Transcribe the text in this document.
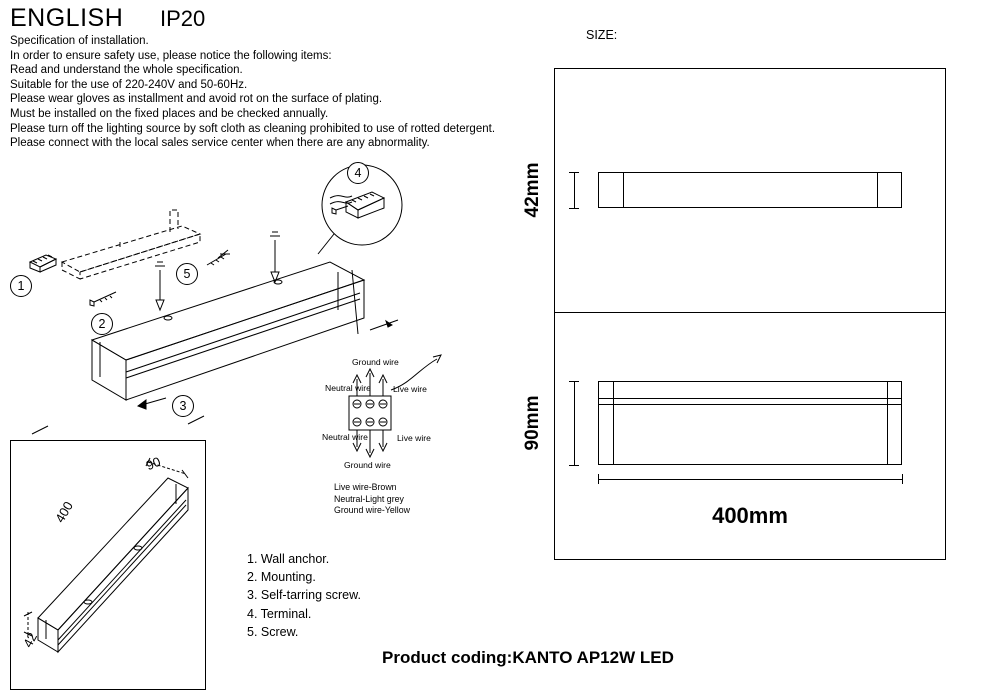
ENGLISH IP20
Specification of installation.
In order to ensure safety use, please notice the following items:
Read and understand the whole specification.
Suitable for the use of 220-240V and 50-60Hz.
Please wear gloves as installment and avoid rot on the surface of plating.
Must be installed on the fixed places and be checked annually.
Please turn off the lighting source by soft cloth as cleaning prohibited to use of rotted detergent.
Please connect with the local sales service center when there are any abnormality.
SIZE:
42mm
90mm
400mm
1
2
3
4
5
Ground wire
Neutral wire	Live wire
Neutral wire	Live wire
Ground wire
Live wire-Brown
Neutral-Light grey
Ground wire-Yellow
90
400
42
1. Wall anchor.
2. Mounting.
3. Self-tarring screw.
4. Terminal.
5. Screw.
Product coding:KANTO AP12W LED
